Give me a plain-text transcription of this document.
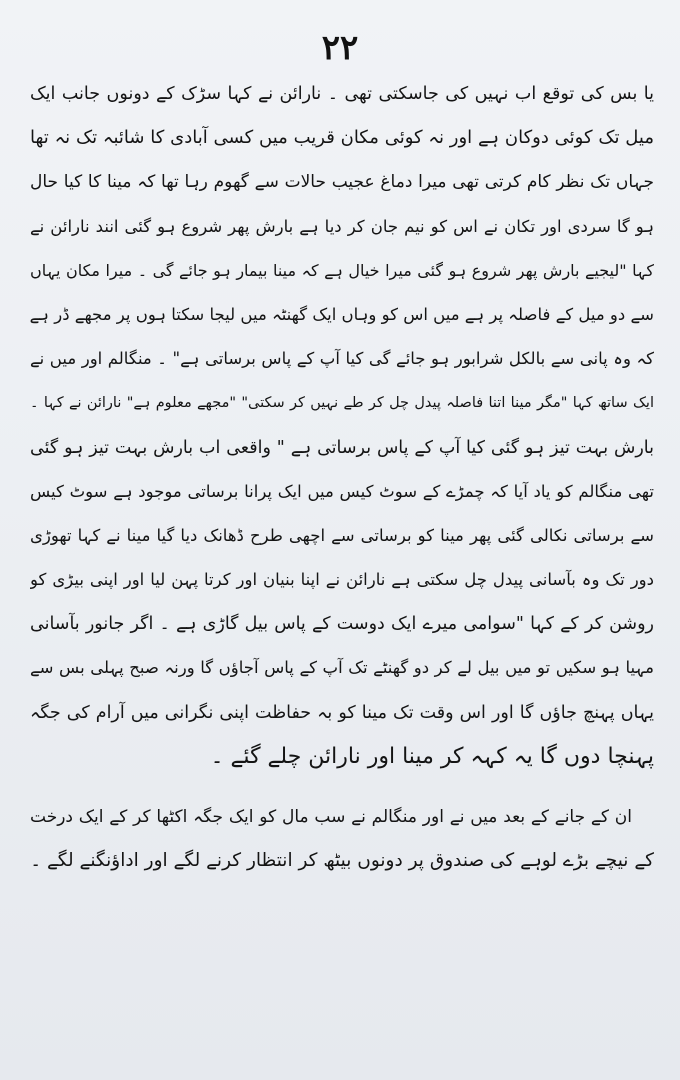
۲۲
یا بس کی توقع اب نہیں کی جاسکتی تھی ۔ نارائن نے کہا سڑک کے دونوں جانب ایک
میل تک کوئی دوکان ہے اور نہ کوئی مکان قریب میں کسی آبادی کا شائبہ تک نہ تھا
جہاں تک نظر کام کرتی تھی میرا دماغ عجیب حالات سے گھوم رہا تھا کہ مینا کا کیا حال
ہو گا سردی اور تکان نے اس کو نیم جان کر دیا ہے بارش پھر شروع ہو گئی انند نارائن نے
کہا "لیجیے بارش پھر شروع ہو گئی میرا خیال ہے کہ مینا بیمار ہو جائے گی ۔ میرا مکان یہاں
سے دو میل کے فاصلہ پر ہے میں اس کو وہاں ایک گھنٹہ میں لیجا سکتا ہوں پر مجھے ڈر ہے
کہ وہ پانی سے بالکل شرابور ہو جائے گی کیا آپ کے پاس برساتی ہے" ۔ منگالم اور میں نے
ایک ساتھ کہا "مگر مینا اتنا فاصلہ پیدل چل کر طے نہیں کر سکتی" "مجھے معلوم ہے" نارائن نے کہا ۔
بارش بہت تیز ہو گئی کیا آپ کے پاس برساتی ہے " واقعی اب بارش بہت تیز ہو گئی
تھی منگالم کو یاد آیا کہ چمڑے کے سوٹ کیس میں ایک پرانا برساتی موجود ہے سوٹ کیس
سے برساتی نکالی گئی پھر مینا کو برساتی سے اچھی طرح ڈھانک دیا گیا مینا نے کہا تھوڑی
دور تک وہ بآسانی پیدل چل سکتی ہے نارائن نے اپنا بنیان اور کرتا پہن لیا اور اپنی بیڑی کو
روشن کر کے کہا "سوامی میرے ایک دوست کے پاس بیل گاڑی ہے ۔ اگر جانور بآسانی
مہیا ہو سکیں تو میں بیل لے کر دو گھنٹے تک آپ کے پاس آجاؤں گا ورنہ صبح پہلی بس سے
یہاں پہنچ جاؤں گا اور اس وقت تک مینا کو بہ حفاظت اپنی نگرانی میں آرام کی جگہ
پہنچا دوں گا یہ کہہ کر مینا اور نارائن چلے گئے ۔
ان کے جانے کے بعد میں نے اور منگالم نے سب مال کو ایک جگہ اکٹھا کر کے ایک درخت
کے نیچے بڑے لوہے کی صندوق پر دونوں بیٹھ کر انتظار کرنے لگے اور اداؤنگنے لگے ۔
